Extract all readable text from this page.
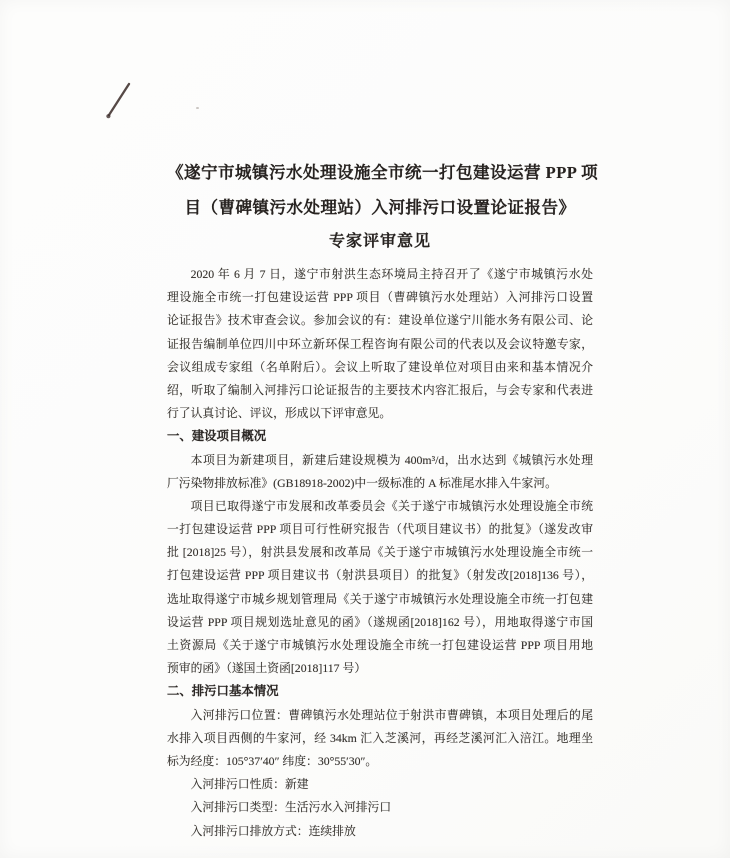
《遂宁市城镇污水处理设施全市统一打包建设运营 PPP 项
目（曹碑镇污水处理站）入河排污口设置论证报告》
专家评审意见
2020 年 6 月 7 日，遂宁市射洪生态环境局主持召开了《遂宁市城镇污水处
理设施全市统一打包建设运营 PPP 项目（曹碑镇污水处理站）入河排污口设置
论证报告》技术审查会议。参加会议的有：建设单位遂宁川能水务有限公司、论
证报告编制单位四川中环立新环保工程咨询有限公司的代表以及会议特邀专家，
会议组成专家组（名单附后）。会议上听取了建设单位对项目由来和基本情况介
绍，听取了编制入河排污口论证报告的主要技术内容汇报后，与会专家和代表进
行了认真讨论、评议，形成以下评审意见。
一、建设项目概况
本项目为新建项目，新建后建设规模为 400m³/d，出水达到《城镇污水处理
厂污染物排放标准》(GB18918-2002)中一级标准的 A 标准尾水排入牛家河。
项目已取得遂宁市发展和改革委员会《关于遂宁市城镇污水处理设施全市统
一打包建设运营 PPP 项目可行性研究报告（代项目建议书）的批复》（遂发改审
批 [2018]25 号），射洪县发展和改革局《关于遂宁市城镇污水处理设施全市统一
打包建设运营 PPP 项目建议书（射洪县项目）的批复》（射发改[2018]136 号），
选址取得遂宁市城乡规划管理局《关于遂宁市城镇污水处理设施全市统一打包建
设运营 PPP 项目规划选址意见的函》（遂规函[2018]162 号），用地取得遂宁市国
土资源局《关于遂宁市城镇污水处理设施全市统一打包建设运营 PPP 项目用地
预审的函》（遂国土资函[2018]117 号）
二、排污口基本情况
入河排污口位置：曹碑镇污水处理站位于射洪市曹碑镇，本项目处理后的尾
水排入项目西侧的牛家河，经 34km 汇入芝溪河，再经芝溪河汇入涪江。地理坐
标为经度：105°37′40″ 纬度：30°55′30″。
入河排污口性质：新建
入河排污口类型：生活污水入河排污口
入河排污口排放方式：连续排放
